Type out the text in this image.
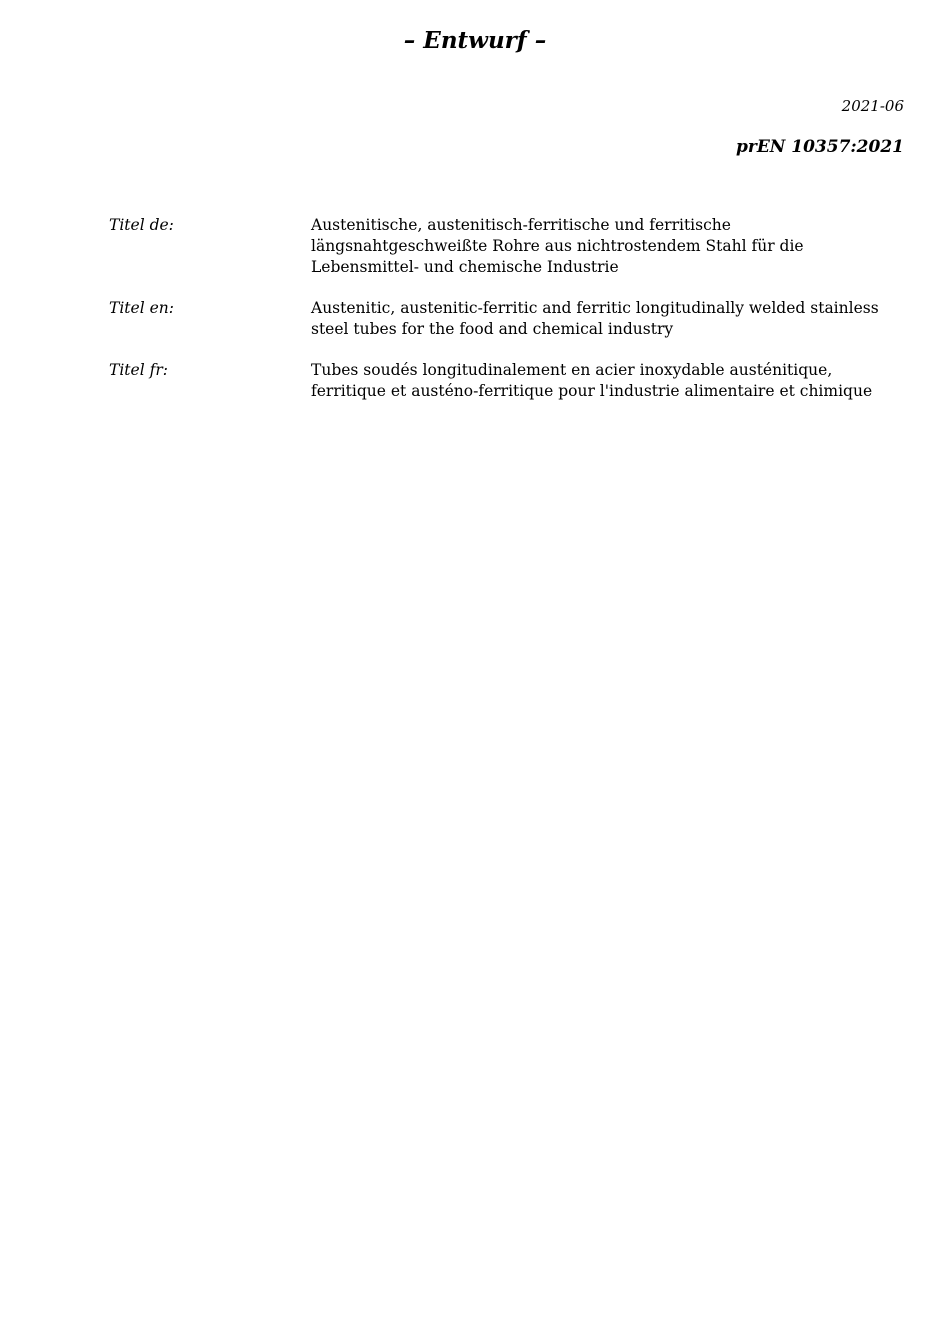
– Entwurf –
2021-06
prEN 10357:2021
Titel de:	Austenitische, austenitisch-ferritische und ferritische längsnahtgeschweißte Rohre aus nichtrostendem Stahl für die Lebensmittel- und chemische Industrie
Titel en:	Austenitic, austenitic-ferritic and ferritic longitudinally welded stainless steel tubes for the food and chemical industry
Titel fr:	Tubes soudés longitudinalement en acier inoxydable austénitique, ferritique et austéno-ferritique pour l'industrie alimentaire et chimique
